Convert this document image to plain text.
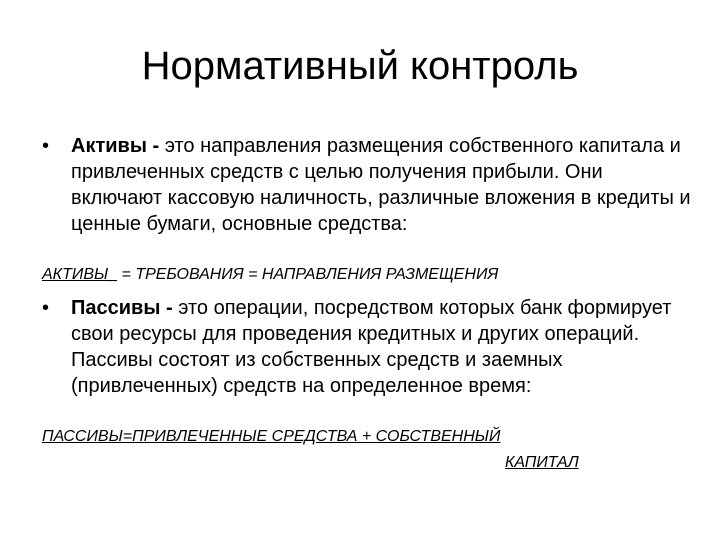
Нормативный контроль
• Активы - это направления размещения собственного капитала и привлеченных средств с целью получения прибыли. Они включают кассовую наличность, различные вложения в кредиты и ценные бумаги, основные средства:
АКТИВЫ_ = ТРЕБОВАНИЯ = НАПРАВЛЕНИЯ РАЗМЕЩЕНИЯ
• Пассивы - это операции, посредством которых банк формирует свои ресурсы для проведения кредитных и других операций. Пассивы состоят из собственных средств и заемных (привлеченных) средств на определенное время:
ПАССИВЫ=ПРИВЛЕЧЕННЫЕ СРЕДСТВА + СОБСТВЕННЫЙ
КАПИТАЛ
